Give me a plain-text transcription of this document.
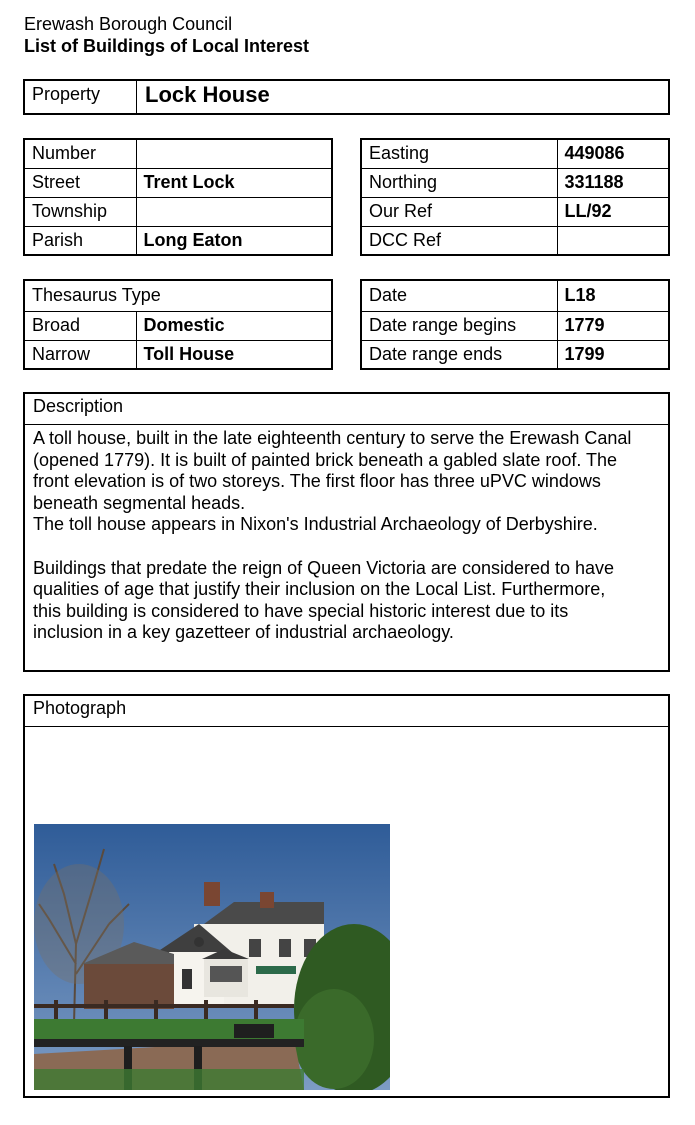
Erewash Borough Council
List of Buildings of Local Interest
Property	Lock House
Number	
Street	Trent Lock
Township	
Parish	Long Eaton
Easting	449086
Northing	331188
Our Ref	LL/92
DCC Ref	
Thesaurus Type	
Broad	Domestic
Narrow	Toll House
Date	L18
Date range begins	1779
Date range ends	1799
Description

A toll house, built in the late eighteenth century to serve the Erewash Canal

(opened 1779). It is built of painted brick beneath a gabled slate roof. The

front elevation is of two storeys. The first floor has three uPVC windows

beneath segmental heads.

The toll house appears in Nixon's Industrial Archaeology of Derbyshire.

Buildings that predate the reign of Queen Victoria are considered to have

qualities of age that justify their inclusion on the Local List. Furthermore,

this building is considered to have special historic interest due to its

inclusion in a key gazetteer of industrial archaeology.

Photograph
